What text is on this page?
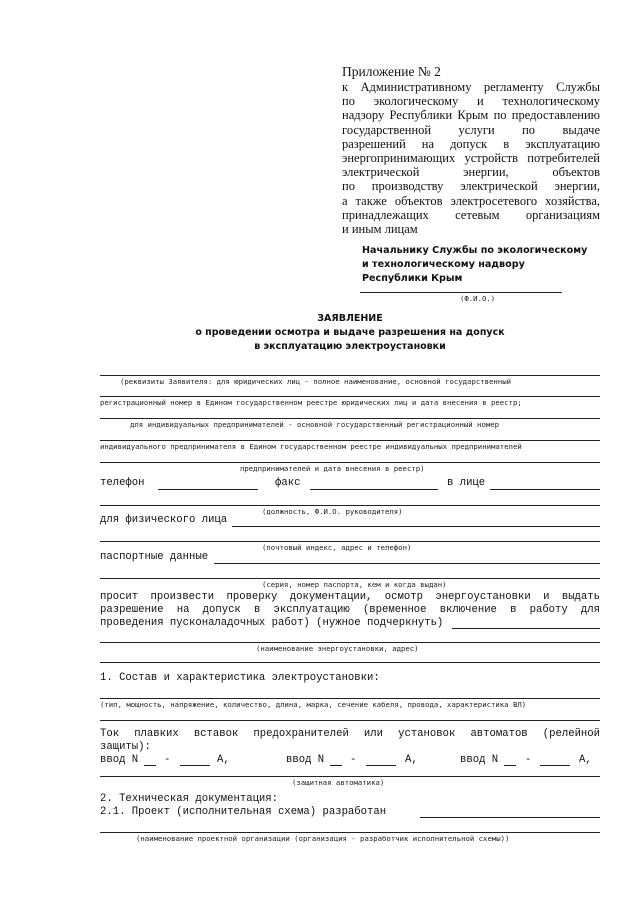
Приложение № 2
к Административному регламенту Службы
по экологическому и технологическому
надзору Республики Крым по предоставлению
государственной услуги по выдаче
разрешений на допуск в эксплуатацию
энергопринимающих устройств потребителей
электрической энергии, объектов
по производству электрической энергии,
а также объектов электросетевого хозяйства,
принадлежащих сетевым организациям
и иным лицам
Начальнику Службы по экологическому
и технологическому надвору
Республики Крым
(Ф.И.О.)
ЗАЯВЛЕНИЕ
о проведении осмотра и выдаче разрешения на допуск
в эксплуатацию электроустановки
(реквизиты Заявителя: для юридических лиц - полное наименование, основной государственный
регистрационный номер в Едином государственном реестре юридических лиц и дата внесения в реестр;
для индивидуальных предпринимателей - основной государственный регистрационный номер
индивидуального предпринимателя в Едином государственном реестре индивидуальных предпринимателей
предпринимателей и дата внесения в реестр)
телефон	факс	в лице
(должность, Ф.И.О. руководителя)
для физического лица
(почтовый индекс, адрес и телефон)
паспортные данные
(серия, номер паспорта, кем и когда выдан)
просит произвести проверку документации, осмотр энергоустановки и выдать
разрешение на допуск в эксплуатацию (временное включение в работу для
проведения пусконаладочных работ) (нужное подчеркнуть)
(наименование энергоустановки, адрес)
1. Состав и характеристика электроустановки:
(тип, мощность, напряжение, количество, длина, марка, сечение кабеля, провода, характеристика ВЛ)
Ток плавких вставок предохранителей или установок автоматов (релейной
защиты):
ввод N -	А,	ввод N -	А,	ввод N	-	А,
(защитная автоматика)
2. Техническая документация:
2.1. Проект (исполнительная схема) разработан
(наименование проектной организации (организация - разработчик исполнительной схемы))
